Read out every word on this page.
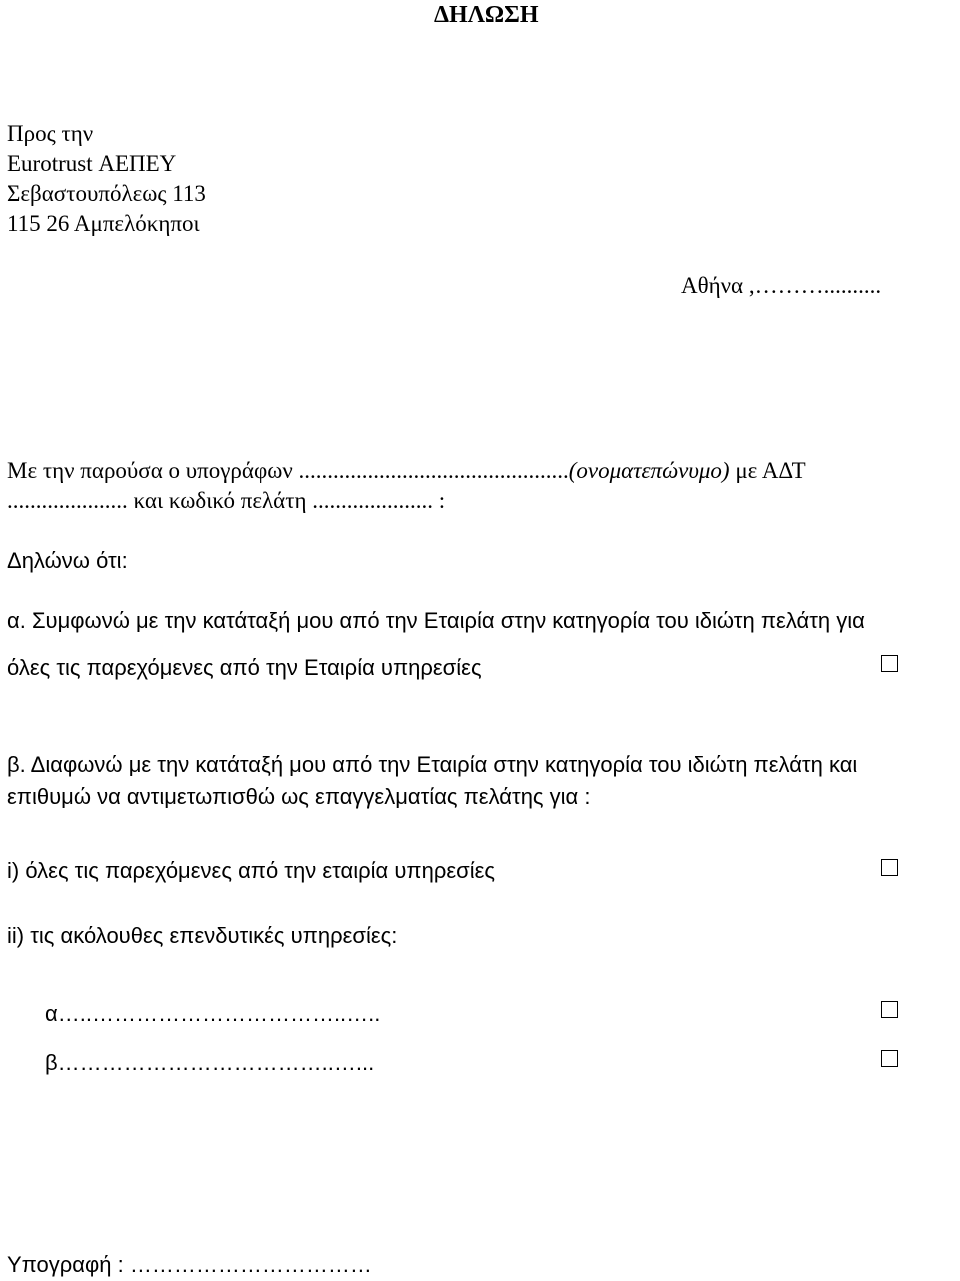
ΔΗΛΩΣΗ
Προς την
Eurotrust ΑΕΠΕΥ
Σεβαστουπόλεως 113
115 26 Αμπελόκηποι
Αθήνα ,………..........
Με την παρούσα ο υπογράφων ...............................................(ονοματεπώνυμο) με ΑΔΤ
..................... και κωδικό πελάτη ..................... :
Δηλώνω ότι:
α. Συμφωνώ με την κατάταξή μου από την Εταιρία στην κατηγορία του ιδιώτη πελάτη για
όλες τις παρεχόμενες από την Εταιρία υπηρεσίες
β. Διαφωνώ με την κατάταξή μου από την Εταιρία στην κατηγορία του ιδιώτη πελάτη και
επιθυμώ να αντιμετωπισθώ ως επαγγελματίας πελάτης για :
i) όλες τις παρεχόμενες από την εταιρία υπηρεσίες
ii) τις ακόλουθες επενδυτικές υπηρεσίες:
α…..……………………………..…..
β………………………………..…...
Υπογραφή : ……………………………
